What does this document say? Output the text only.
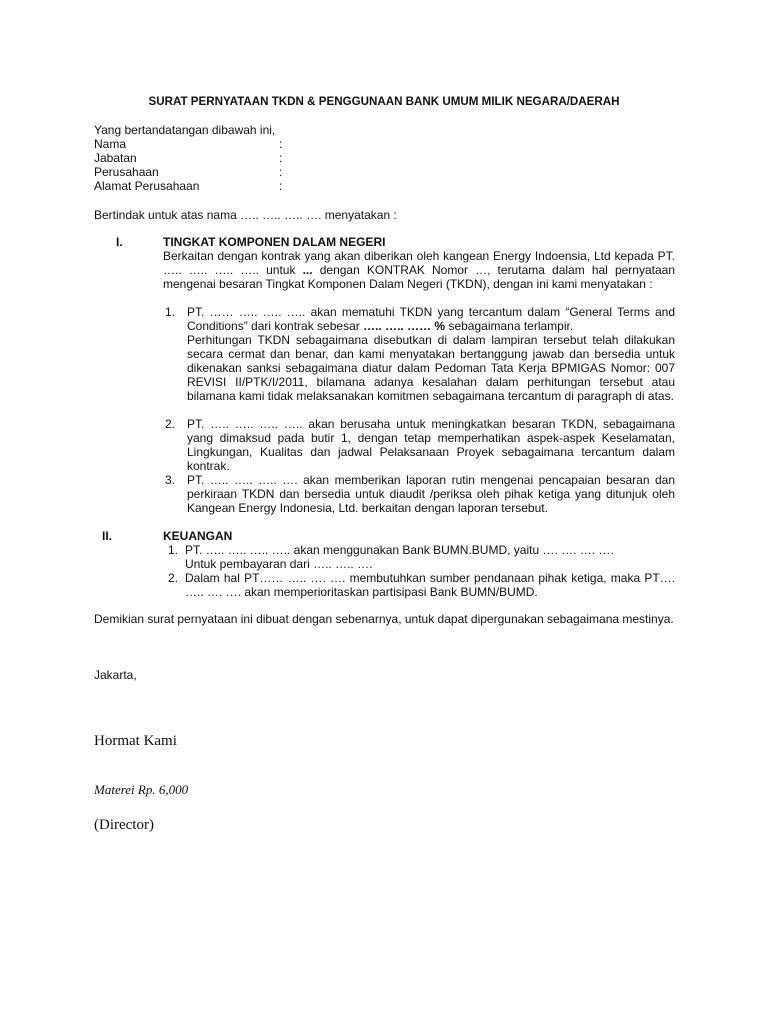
SURAT PERNYATAAN TKDN & PENGGUNAAN BANK UMUM MILIK NEGARA/DAERAH
Yang bertandatangan dibawah ini,
Nama	:
Jabatan	:
Perusahaan	:
Alamat Perusahaan	:
Bertindak untuk atas nama ….. ….. ….. …. menyatakan :
I.	TINGKAT KOMPONEN DALAM NEGERI
Berkaitan dengan kontrak yang akan diberikan oleh kangean Energy Indoensia, Ltd kepada PT. ….. ….. ….. ….. untuk ... dengan KONTRAK Nomor …, terutama dalam hal pernyataan mengenai besaran Tingkat Komponen Dalam Negeri (TKDN), dengan ini kami menyatakan :
1. PT. …… ….. ….. ….. akan mematuhi TKDN yang tercantum dalam “General Terms and Conditions” dari kontrak sebesar ….. ….. …… % sebagaimana terlampir.
Perhitungan TKDN sebagaimana disebutkan di dalam lampiran tersebut telah dilakukan secara cermat dan benar, dan kami menyatakan bertanggung jawab dan bersedia untuk dikenakan sanksi sebagaimana diatur dalam Pedoman Tata Kerja BPMIGAS Nomor: 007 REVISI II/PTK/I/2011, bilamana adanya kesalahan dalam perhitungan tersebut atau bilamana kami tidak melaksanakan komitmen sebagaimana tercantum di paragraph di atas.
2. PT. ….. ….. ….. ….. akan berusaha untuk meningkatkan besaran TKDN, sebagaimana yang dimaksud pada butir 1, dengan tetap memperhatikan aspek-aspek Keselamatan, Lingkungan, Kualitas dan jadwal Pelaksanaan Proyek sebagaimana tercantum dalam kontrak.
3. PT. ….. ….. ….. …. akan memberikan laporan rutin mengenai pencapaian besaran dan perkiraan TKDN dan bersedia untuk diaudit /periksa oleh pihak ketiga yang ditunjuk oleh Kangean Energy Indonesia, Ltd. berkaitan dengan laporan tersebut.
II.	KEUANGAN
1. PT. ….. ….. ….. ….. akan menggunakan Bank BUMN.BUMD, yaitu …. …. …. ….
Untuk pembayaran dari ….. ….. ….
2. Dalam hal PT…… ….. …. …. membutuhkan sumber pendanaan pihak ketiga, maka PT…. ….. …. …. akan memperioritaskan partisipasi Bank BUMN/BUMD.
Demikian surat pernyataan ini dibuat dengan sebenarnya, untuk dapat dipergunakan sebagaimana mestinya.
Jakarta,
Hormat Kami
Materei Rp. 6,000
(Director)
